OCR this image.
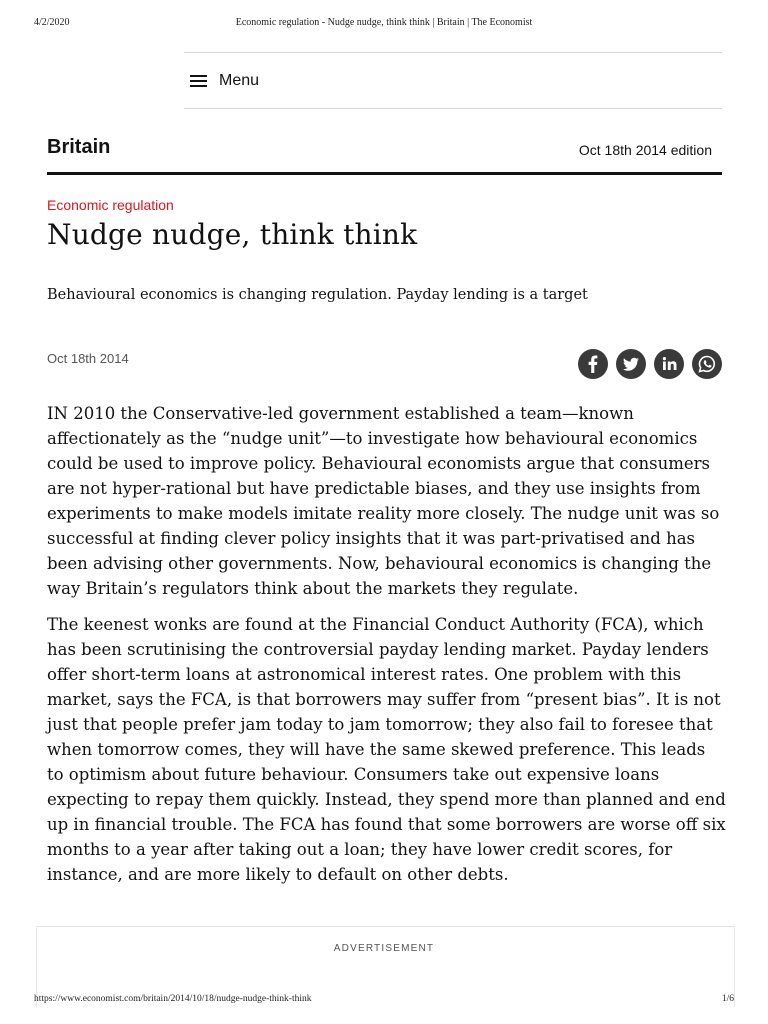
4/2/2020	Economic regulation - Nudge nudge, think think | Britain | The Economist
Menu
Britain	Oct 18th 2014 edition
Economic regulation
Nudge nudge, think think
Behavioural economics is changing regulation. Payday lending is a target
Oct 18th 2014

IN 2010 the Conservative-led government established a team—known affectionately as the “nudge unit”—to investigate how behavioural economics could be used to improve policy. Behavioural economists argue that consumers are not hyper-rational but have predictable biases, and they use insights from experiments to make models imitate reality more closely. The nudge unit was so successful at finding clever policy insights that it was part-privatised and has been advising other governments. Now, behavioural economics is changing the way Britain’s regulators think about the markets they regulate.

The keenest wonks are found at the Financial Conduct Authority (FCA), which has been scrutinising the controversial payday lending market. Payday lenders offer short-term loans at astronomical interest rates. One problem with this market, says the FCA, is that borrowers may suffer from “present bias”. It is not just that people prefer jam today to jam tomorrow; they also fail to foresee that when tomorrow comes, they will have the same skewed preference. This leads to optimism about future behaviour. Consumers take out expensive loans expecting to repay them quickly. Instead, they spend more than planned and end up in financial trouble. The FCA has found that some borrowers are worse off six months to a year after taking out a loan; they have lower credit scores, for instance, and are more likely to default on other debts.

ADVERTISEMENT
https://www.economist.com/britain/2014/10/18/nudge-nudge-think-think	1/6
